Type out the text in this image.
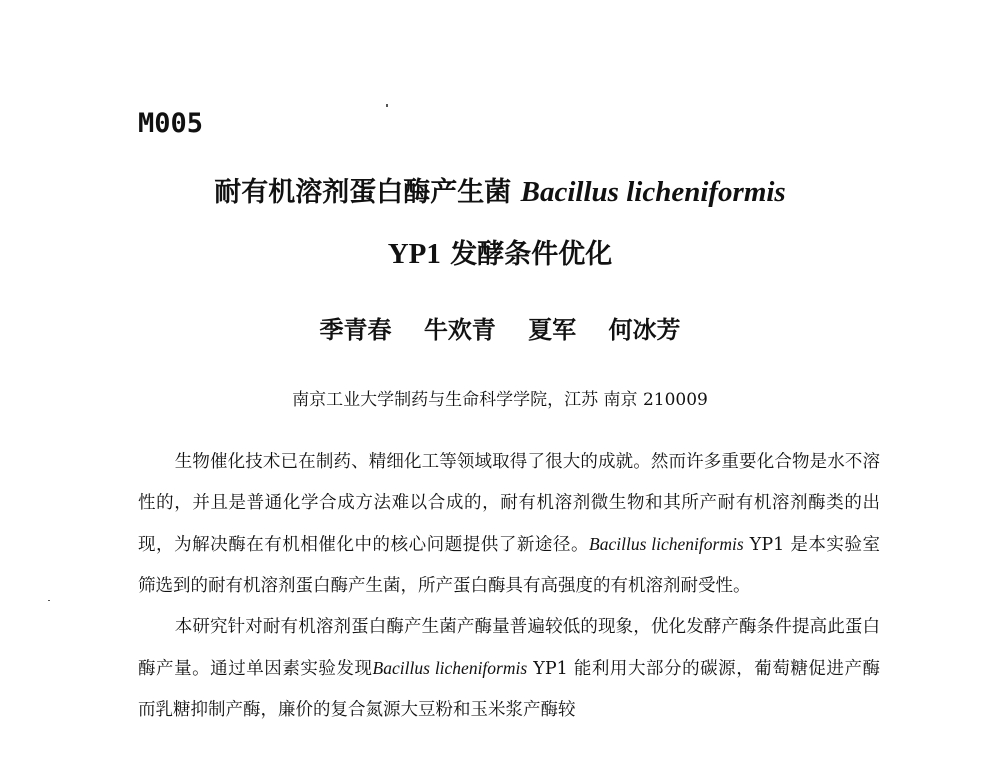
M005
耐有机溶剂蛋白酶产生菌 Bacillus licheniformis
YP1 发酵条件优化
季青春 牛欢青 夏军 何冰芳
南京工业大学制药与生命科学学院，江苏 南京 210009

生物催化技术已在制药、精细化工等领域取得了很大的成就。然而许多重要化合物是水不溶性的，并且是普通化学合成方法难以合成的，耐有机溶剂微生物和其所产耐有机溶剂酶类的出现，为解决酶在有机相催化中的核心问题提供了新途径。Bacillus licheniformis YP1 是本实验室筛选到的耐有机溶剂蛋白酶产生菌，所产蛋白酶具有高强度的有机溶剂耐受性。

本研究针对耐有机溶剂蛋白酶产生菌产酶量普遍较低的现象，优化发酵产酶条件提高此蛋白酶产量。通过单因素实验发现Bacillus licheniformis YP1 能利用大部分的碳源，葡萄糖促进产酶而乳糖抑制产酶，廉价的复合氮源大豆粉和玉米浆产酶较
